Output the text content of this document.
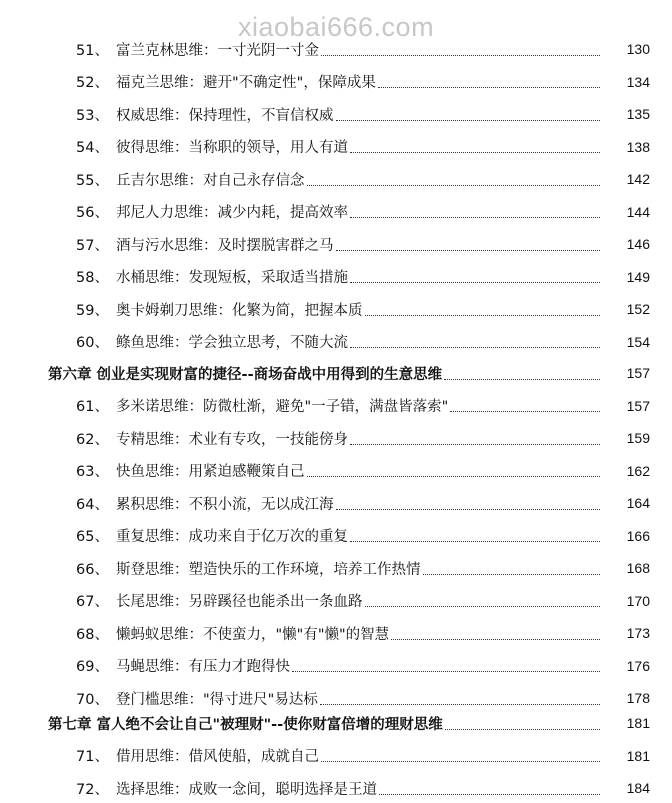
xiaobai666.com
51、 富兰克林思维：一寸光阴一寸金	130
52、 福克兰思维：避开"不确定性"，保障成果	134
53、 权威思维：保持理性，不盲信权威	135
54、 彼得思维：当称职的领导，用人有道	138
55、 丘吉尔思维：对自己永存信念	142
56、 邦尼人力思维：减少内耗，提高效率	144
57、 酒与污水思维：及时摆脱害群之马	146
58、 水桶思维：发现短板，采取适当措施	149
59、 奥卡姆剃刀思维：化繁为简，把握本质	152
60、 鲦鱼思维：学会独立思考，不随大流	154
第六章 创业是实现财富的捷径--商场奋战中用得到的生意思维	157
61、 多米诺思维：防微杜渐，避免"一子错，满盘皆落索"	157
62、 专精思维：术业有专攻，一技能傍身	159
63、 快鱼思维：用紧迫感鞭策自己	162
64、 累积思维：不积小流，无以成江海	164
65、 重复思维：成功来自于亿万次的重复	166
66、 斯登思维：塑造快乐的工作环境，培养工作热情	168
67、 长尾思维：另辟蹊径也能杀出一条血路	170
68、 懒蚂蚁思维：不使蛮力，"懒"有"懒"的智慧	173
69、 马蝇思维：有压力才跑得快	176
70、 登门槛思维："得寸进尺"易达标	178
第七章 富人绝不会让自己"被理财"--使你财富倍增的理财思维	181
71、 借用思维：借风使船，成就自己	181
72、 选择思维：成败一念间，聪明选择是王道	184
